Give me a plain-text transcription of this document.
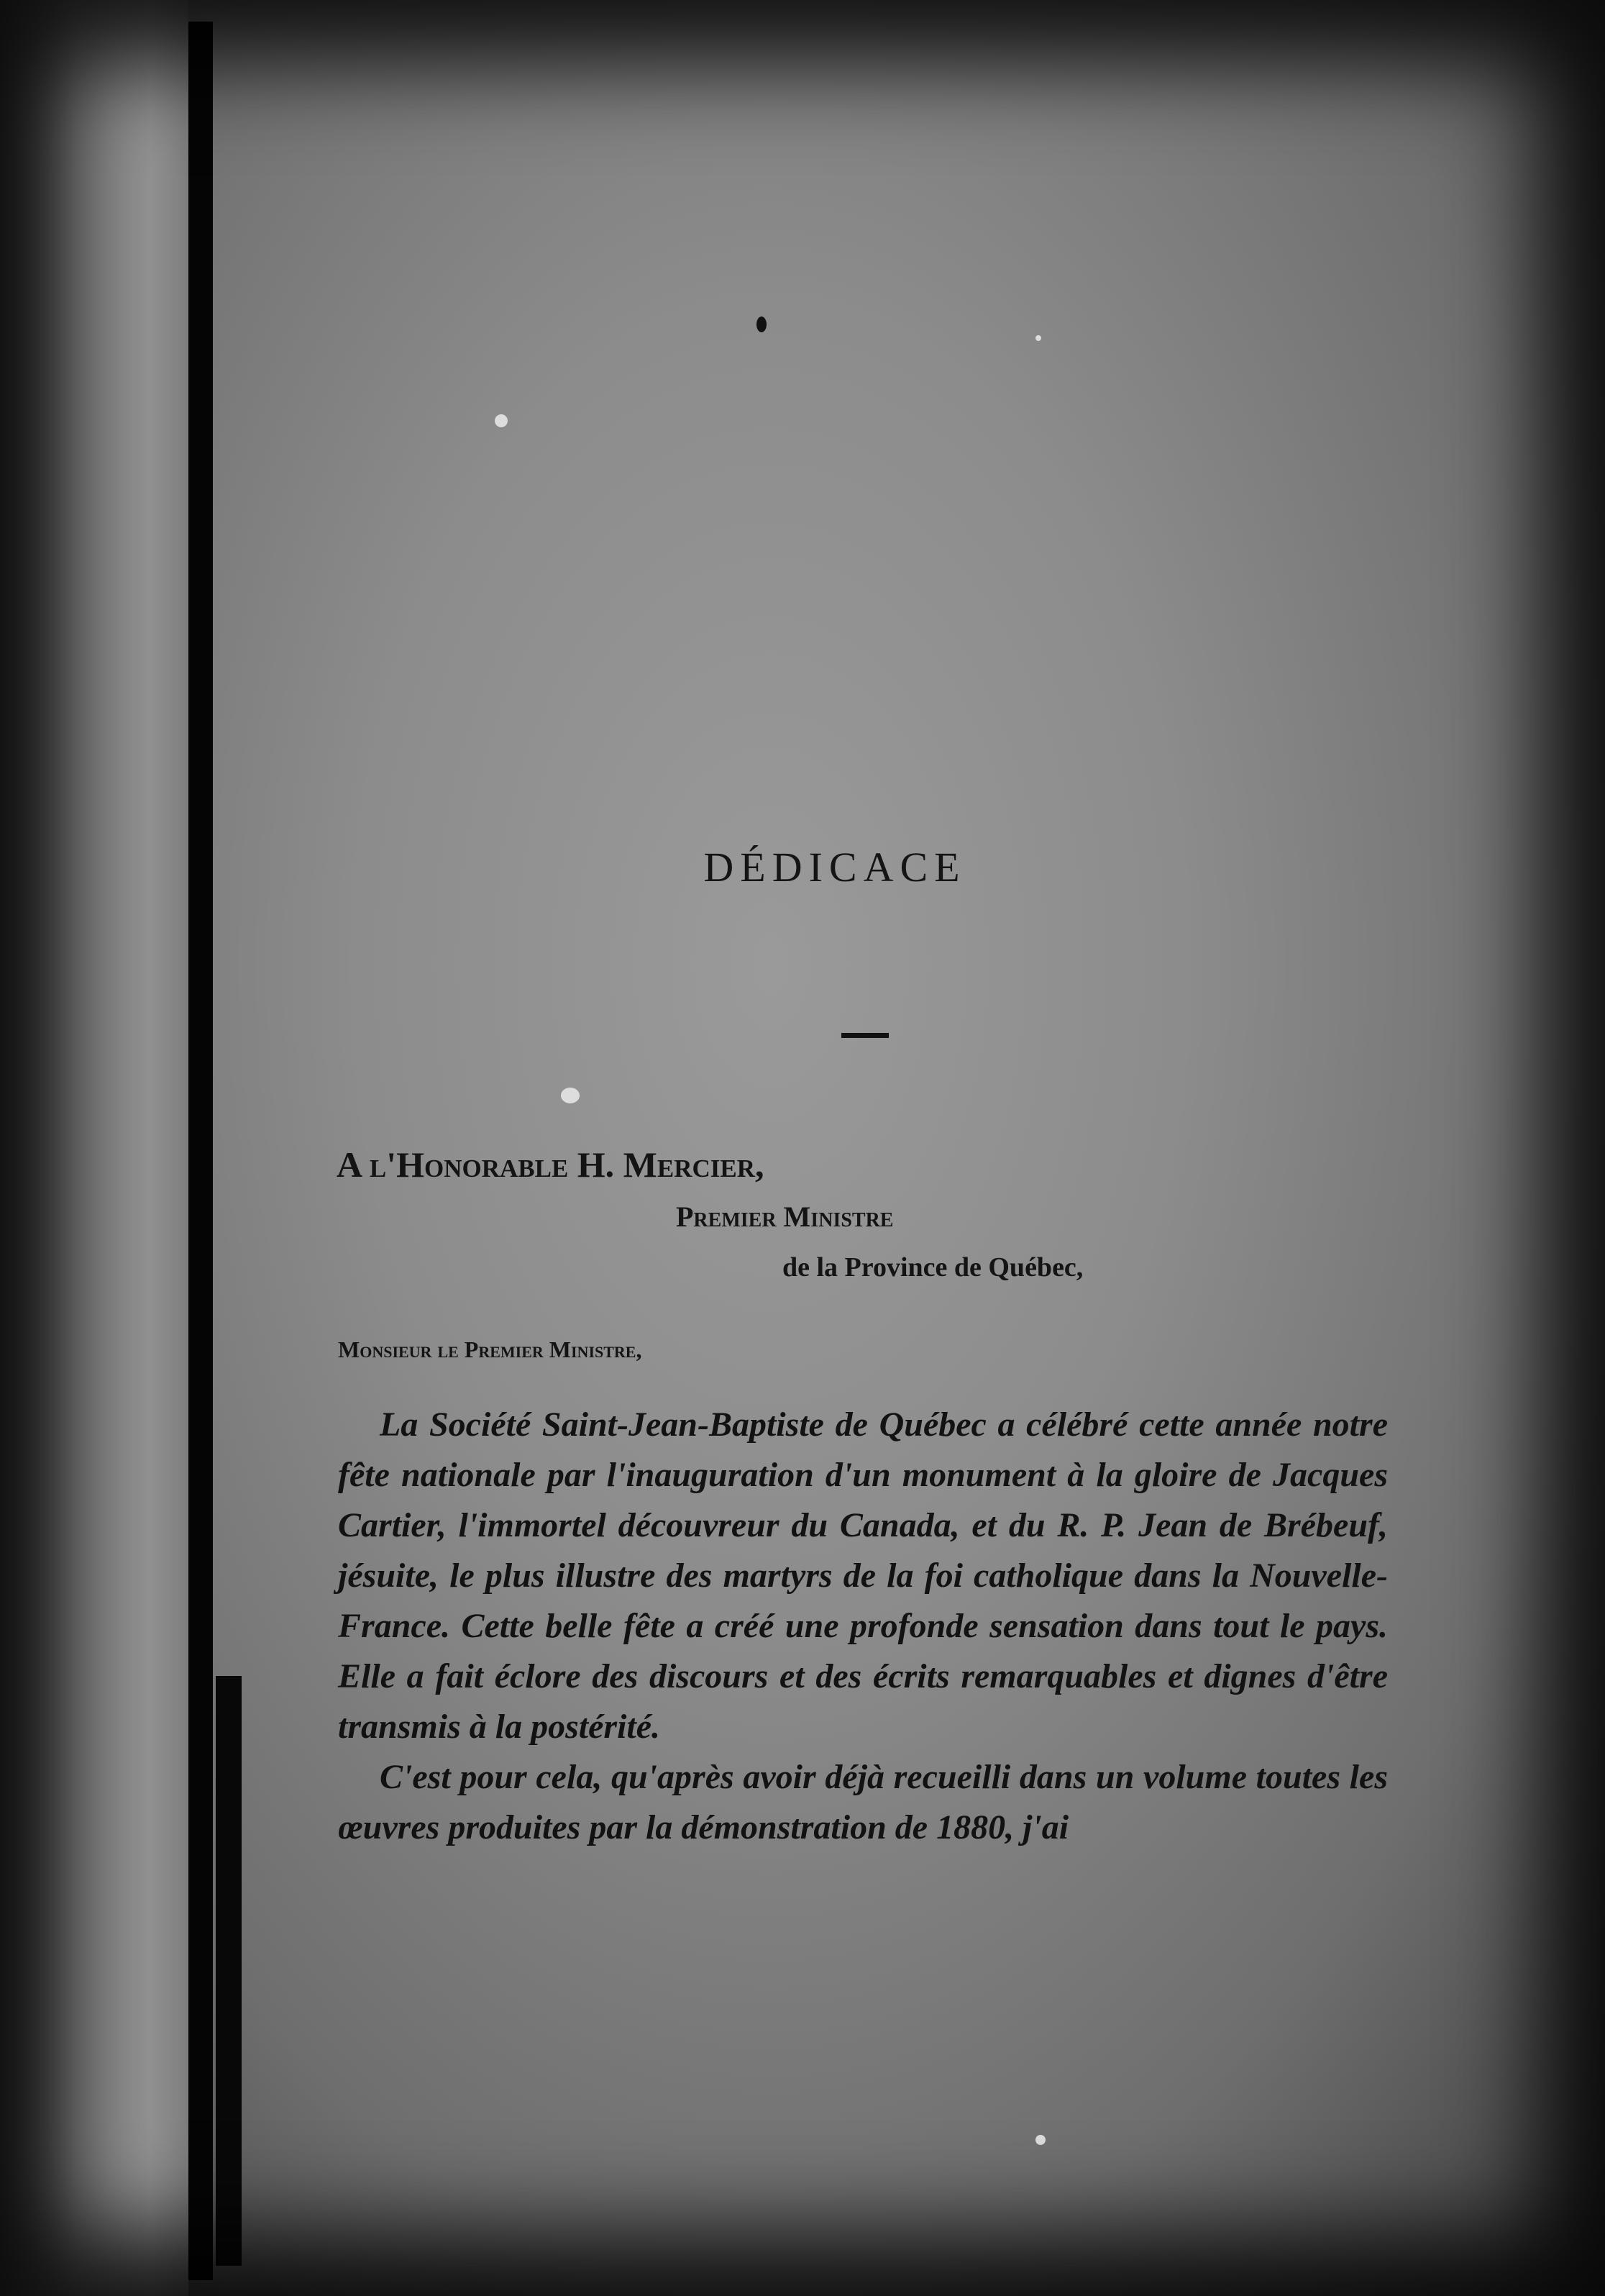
DÉDICACE
A l'Honorable H. Mercier,
Premier Ministre
de la Province de Québec,
Monsieur le Premier Ministre,

La Société Saint-Jean-Baptiste de Québec a célébré cette année notre fête nationale par l'inauguration d'un monument à la gloire de Jacques Cartier, l'immortel découvreur du Canada, et du R. P. Jean de Brébeuf, jésuite, le plus illustre des martyrs de la foi catholique dans la Nouvelle-France. Cette belle fête a créé une profonde sensation dans tout le pays. Elle a fait éclore des discours et des écrits remarquables et dignes d'être transmis à la postérité.

C'est pour cela, qu'après avoir déjà recueilli dans un volume toutes les œuvres produites par la démonstration de 1880, j'ai
